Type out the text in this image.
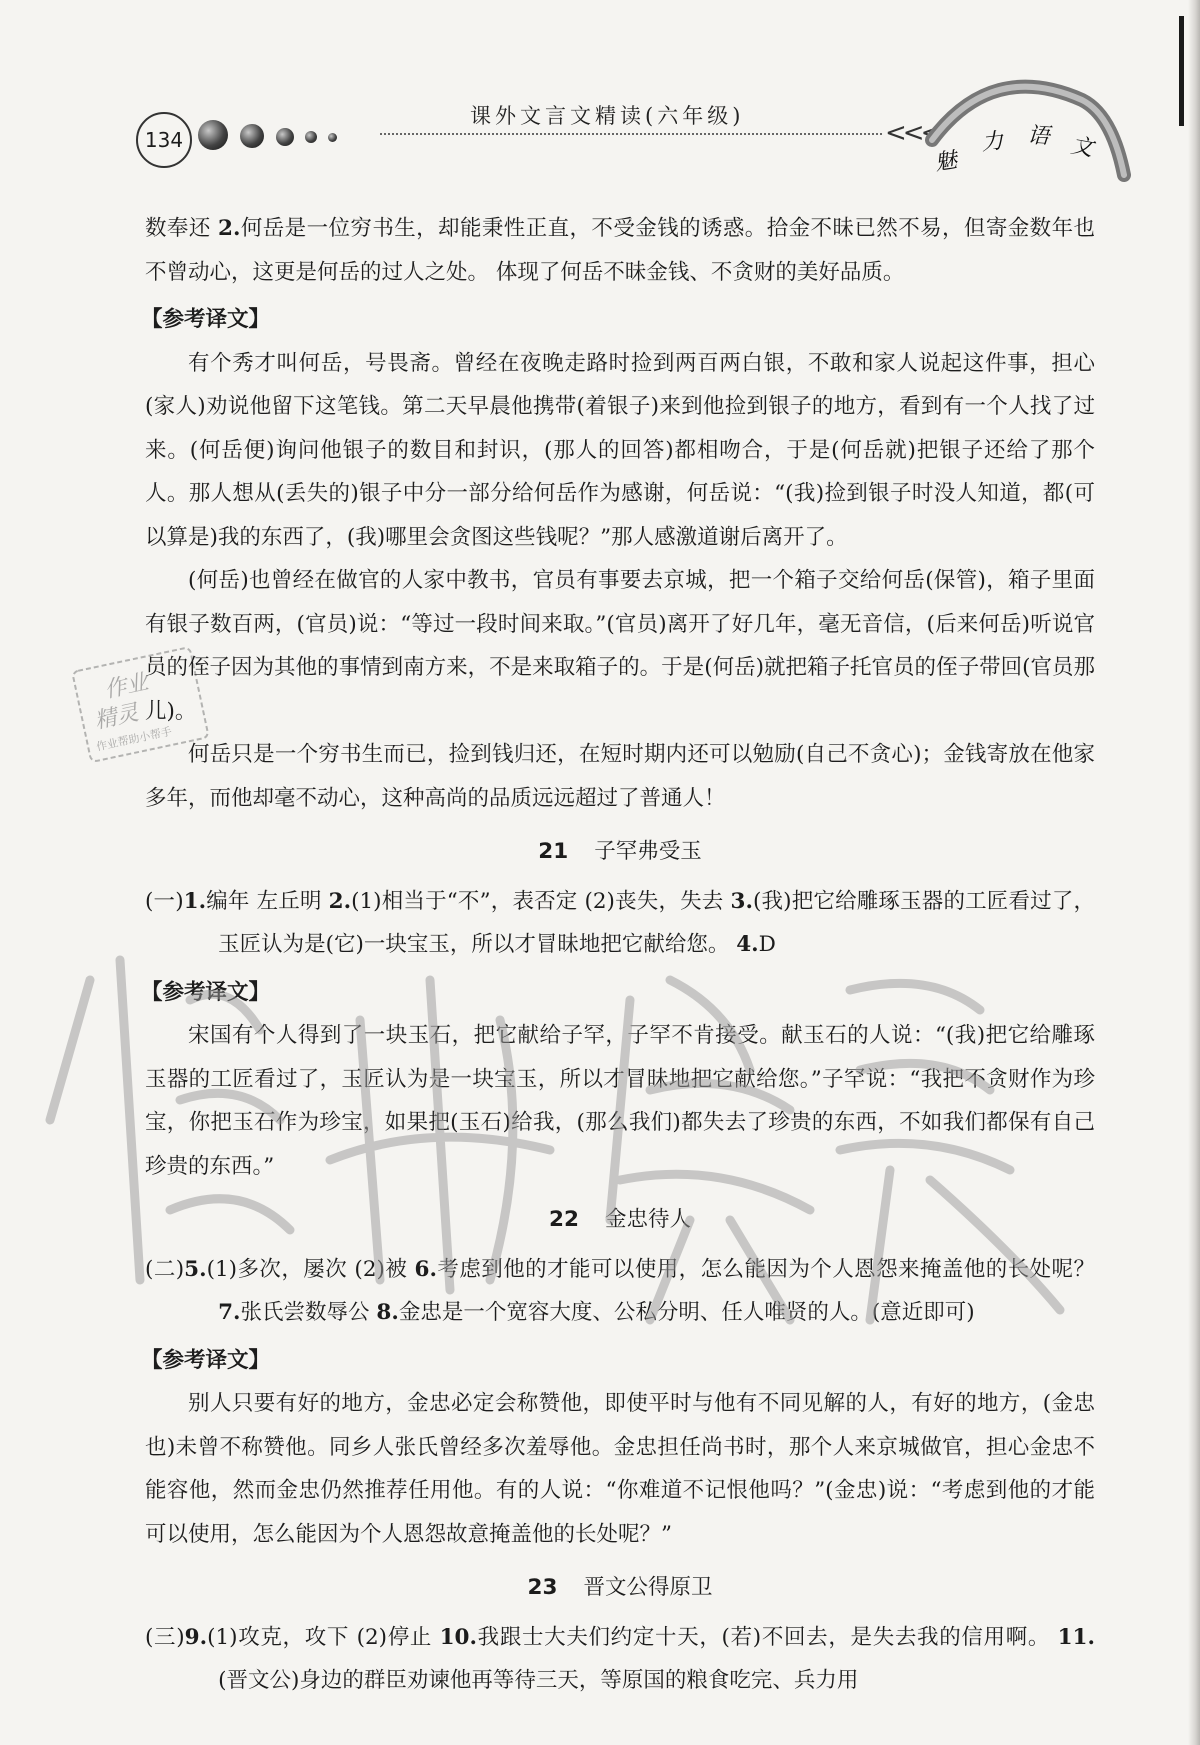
134
课外文言文精读(六年级)
<<<
魅
力 语 文
作业
精灵
作业帮助小帮手

数奉还 2.何岳是一位穷书生，却能秉性正直，不受金钱的诱惑。拾金不昧已然不易，但寄金数年也不曾动心，这更是何岳的过人之处。 体现了何岳不昧金钱、不贪财的美好品质。

【参考译文】

有个秀才叫何岳，号畏斋。曾经在夜晚走路时捡到两百两白银，不敢和家人说起这件事，担心(家人)劝说他留下这笔钱。第二天早晨他携带(着银子)来到他捡到银子的地方，看到有一个人找了过来。(何岳便)询问他银子的数目和封识，(那人的回答)都相吻合，于是(何岳就)把银子还给了那个人。那人想从(丢失的)银子中分一部分给何岳作为感谢，何岳说：“(我)捡到银子时没人知道，都(可以算是)我的东西了，(我)哪里会贪图这些钱呢？”那人感激道谢后离开了。

(何岳)也曾经在做官的人家中教书，官员有事要去京城，把一个箱子交给何岳(保管)，箱子里面有银子数百两，(官员)说：“等过一段时间来取。”(官员)离开了好几年，毫无音信，(后来何岳)听说官员的侄子因为其他的事情到南方来，不是来取箱子的。于是(何岳)就把箱子托官员的侄子带回(官员那儿)。

何岳只是一个穷书生而已，捡到钱归还，在短时期内还可以勉励(自己不贪心)；金钱寄放在他家多年，而他却毫不动心，这种高尚的品质远远超过了普通人！

21 子罕弗受玉

(一)1.编年 左丘明 2.(1)相当于“不”，表否定 (2)丧失，失去 3.(我)把它给雕琢玉器的工匠看过了，玉匠认为是(它)一块宝玉，所以才冒昧地把它献给您。 4.D

【参考译文】

宋国有个人得到了一块玉石，把它献给子罕，子罕不肯接受。献玉石的人说：“(我)把它给雕琢玉器的工匠看过了，玉匠认为是一块宝玉，所以才冒昧地把它献给您。”子罕说：“我把不贪财作为珍宝，你把玉石作为珍宝，如果把(玉石)给我，(那么我们)都失去了珍贵的东西，不如我们都保有自己珍贵的东西。”

22 金忠待人

(二)5.(1)多次，屡次 (2)被 6.考虑到他的才能可以使用，怎么能因为个人恩怨来掩盖他的长处呢？ 7.张氏尝数辱公 8.金忠是一个宽容大度、公私分明、任人唯贤的人。(意近即可)

【参考译文】

别人只要有好的地方，金忠必定会称赞他，即使平时与他有不同见解的人，有好的地方，(金忠也)未曾不称赞他。同乡人张氏曾经多次羞辱他。金忠担任尚书时，那个人来京城做官，担心金忠不能容他，然而金忠仍然推荐任用他。有的人说：“你难道不记恨他吗？”(金忠)说：“考虑到他的才能可以使用，怎么能因为个人恩怨故意掩盖他的长处呢？”

23 晋文公得原卫

(三)9.(1)攻克，攻下 (2)停止 10.我跟士大夫们约定十天，(若)不回去，是失去我的信用啊。 11.(晋文公)身边的群臣劝谏他再等待三天，等原国的粮食吃完、兵力用

作业精灵
